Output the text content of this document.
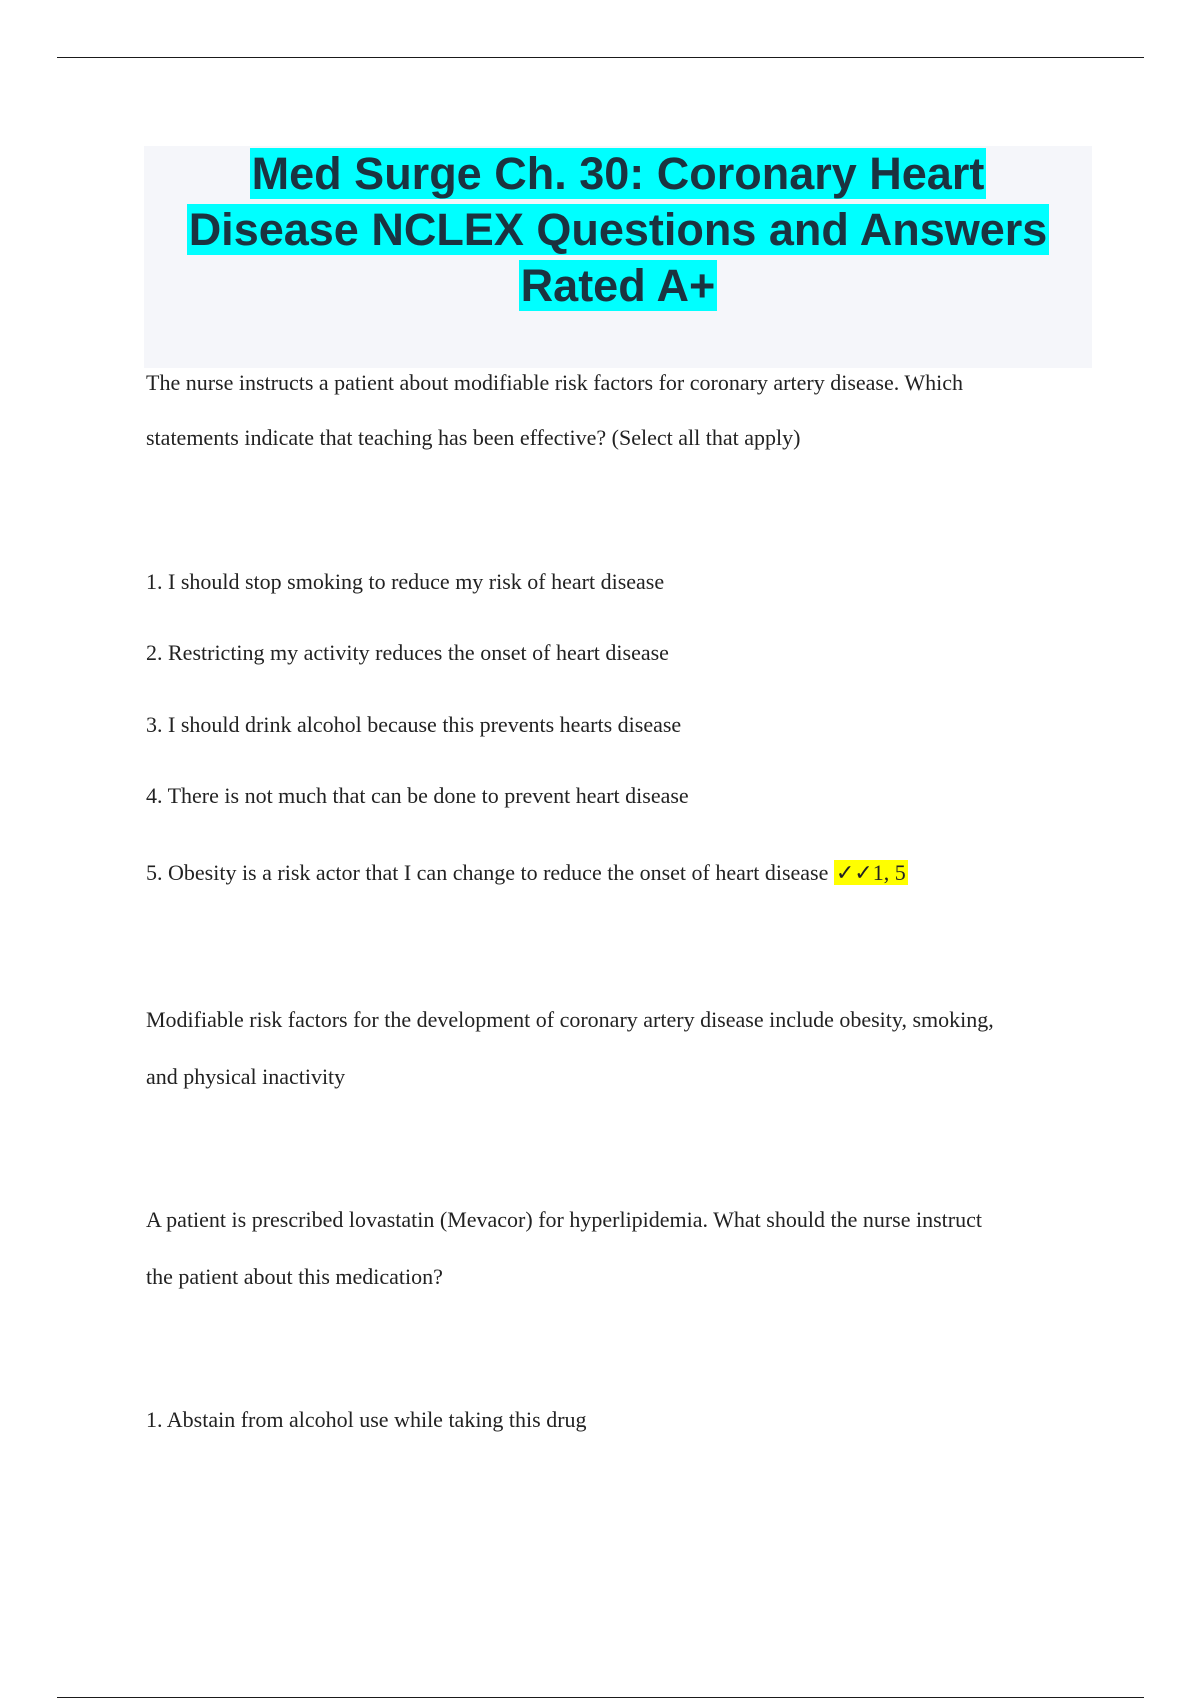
Med Surge Ch. 30: Coronary Heart
Disease NCLEX Questions and Answers
Rated A+

The nurse instructs a patient about modifiable risk factors for coronary artery disease. Which

statements indicate that teaching has been effective? (Select all that apply)

1. I should stop smoking to reduce my risk of heart disease

2. Restricting my activity reduces the onset of heart disease

3. I should drink alcohol because this prevents hearts disease

4. There is not much that can be done to prevent heart disease

5. Obesity is a risk actor that I can change to reduce the onset of heart disease ✓✓1, 5

Modifiable risk factors for the development of coronary artery disease include obesity, smoking,

and physical inactivity

A patient is prescribed lovastatin (Mevacor) for hyperlipidemia. What should the nurse instruct

the patient about this medication?

1. Abstain from alcohol use while taking this drug
